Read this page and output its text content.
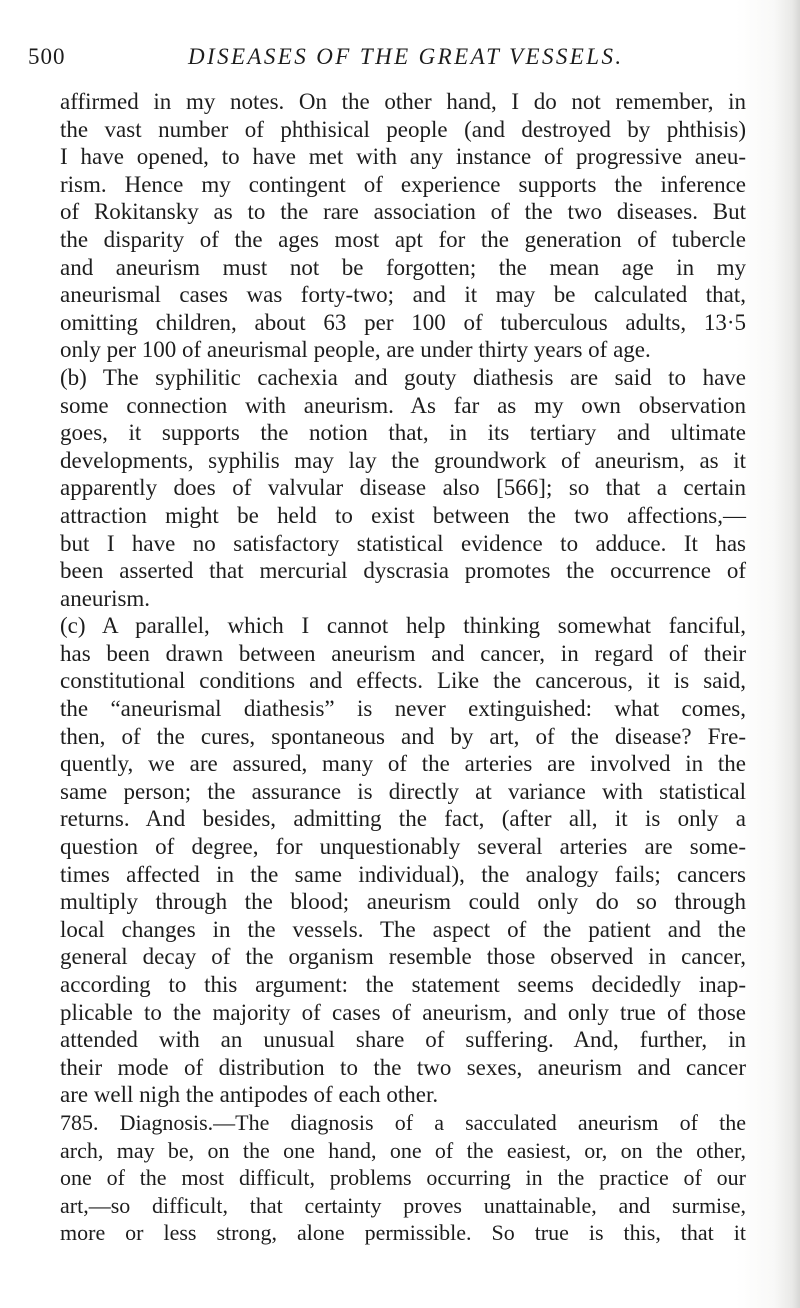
500	DISEASES OF THE GREAT VESSELS.
affirmed in my notes. On the other hand, I do not remember, in
the vast number of phthisical people (and destroyed by phthisis)
I have opened, to have met with any instance of progressive aneu-
rism. Hence my contingent of experience supports the inference
of Rokitansky as to the rare association of the two diseases. But
the disparity of the ages most apt for the generation of tubercle
and aneurism must not be forgotten; the mean age in my
aneurismal cases was forty-two; and it may be calculated that,
omitting children, about 63 per 100 of tuberculous adults, 13·5
only per 100 of aneurismal people, are under thirty years of age.
(b) The syphilitic cachexia and gouty diathesis are said to have
some connection with aneurism. As far as my own observation
goes, it supports the notion that, in its tertiary and ultimate
developments, syphilis may lay the groundwork of aneurism, as it
apparently does of valvular disease also [566]; so that a certain
attraction might be held to exist between the two affections,—
but I have no satisfactory statistical evidence to adduce. It has
been asserted that mercurial dyscrasia promotes the occurrence of
aneurism.
(c) A parallel, which I cannot help thinking somewhat fanciful,
has been drawn between aneurism and cancer, in regard of their
constitutional conditions and effects. Like the cancerous, it is said,
the “aneurismal diathesis” is never extinguished: what comes,
then, of the cures, spontaneous and by art, of the disease? Fre-
quently, we are assured, many of the arteries are involved in the
same person; the assurance is directly at variance with statistical
returns. And besides, admitting the fact, (after all, it is only a
question of degree, for unquestionably several arteries are some-
times affected in the same individual), the analogy fails; cancers
multiply through the blood; aneurism could only do so through
local changes in the vessels. The aspect of the patient and the
general decay of the organism resemble those observed in cancer,
according to this argument: the statement seems decidedly inap-
plicable to the majority of cases of aneurism, and only true of those
attended with an unusual share of suffering. And, further, in
their mode of distribution to the two sexes, aneurism and cancer
are well nigh the antipodes of each other.
785. Diagnosis.—The diagnosis of a sacculated aneurism of the
arch, may be, on the one hand, one of the easiest, or, on the other,
one of the most difficult, problems occurring in the practice of our
art,—so difficult, that certainty proves unattainable, and surmise,
more or less strong, alone permissible. So true is this, that it
